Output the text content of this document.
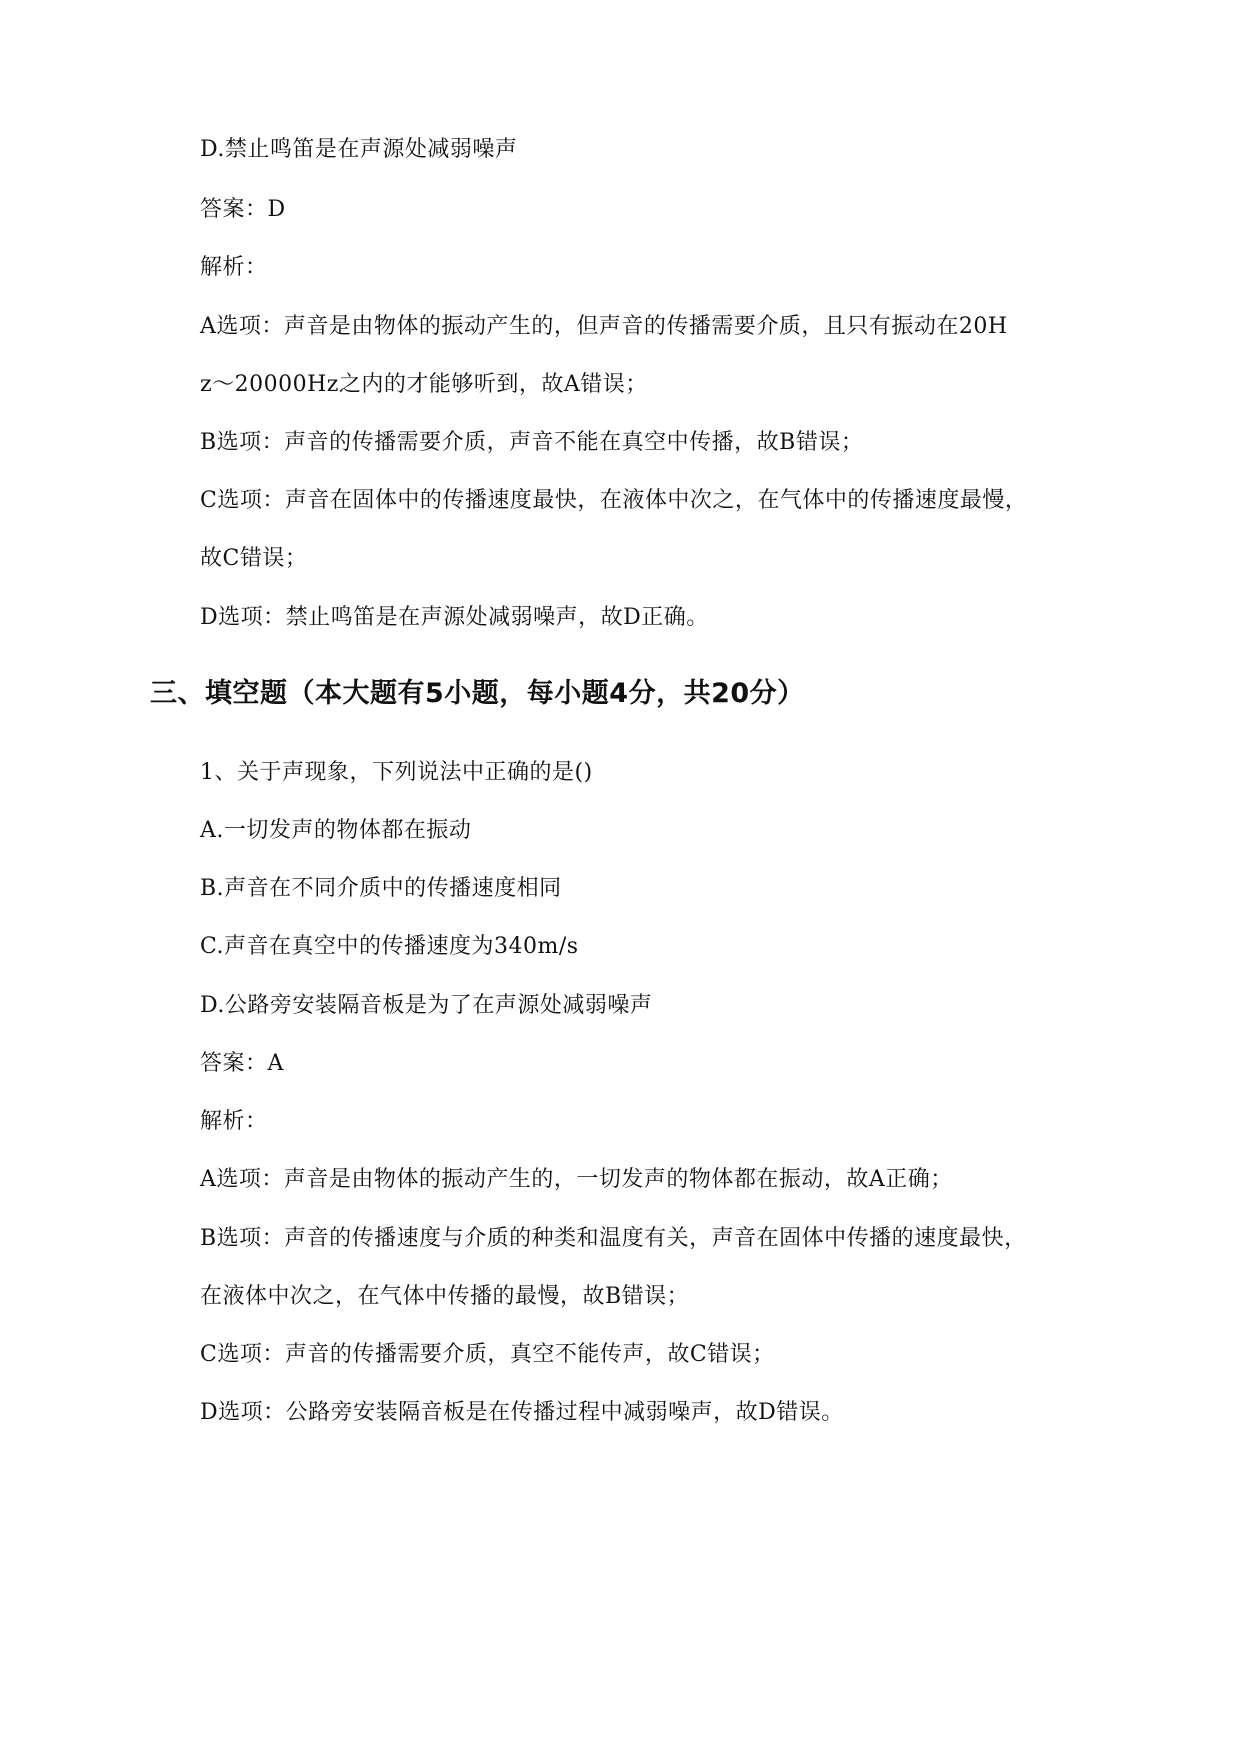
D.禁止鸣笛是在声源处减弱噪声
答案：D
解析：
A选项：声音是由物体的振动产生的，但声音的传播需要介质，且只有振动在20H
z～20000Hz之内的才能够听到，故A错误；
B选项：声音的传播需要介质，声音不能在真空中传播，故B错误；
C选项：声音在固体中的传播速度最快，在液体中次之，在气体中的传播速度最慢，
故C错误；
D选项：禁止鸣笛是在声源处减弱噪声，故D正确。
三、填空题（本大题有5小题，每小题4分，共20分）
1、关于声现象，下列说法中正确的是()
A.一切发声的物体都在振动
B.声音在不同介质中的传播速度相同
C.声音在真空中的传播速度为340m/s
D.公路旁安装隔音板是为了在声源处减弱噪声
答案：A
解析：
A选项：声音是由物体的振动产生的，一切发声的物体都在振动，故A正确；
B选项：声音的传播速度与介质的种类和温度有关，声音在固体中传播的速度最快，
在液体中次之，在气体中传播的最慢，故B错误；
C选项：声音的传播需要介质，真空不能传声，故C错误；
D选项：公路旁安装隔音板是在传播过程中减弱噪声，故D错误。
